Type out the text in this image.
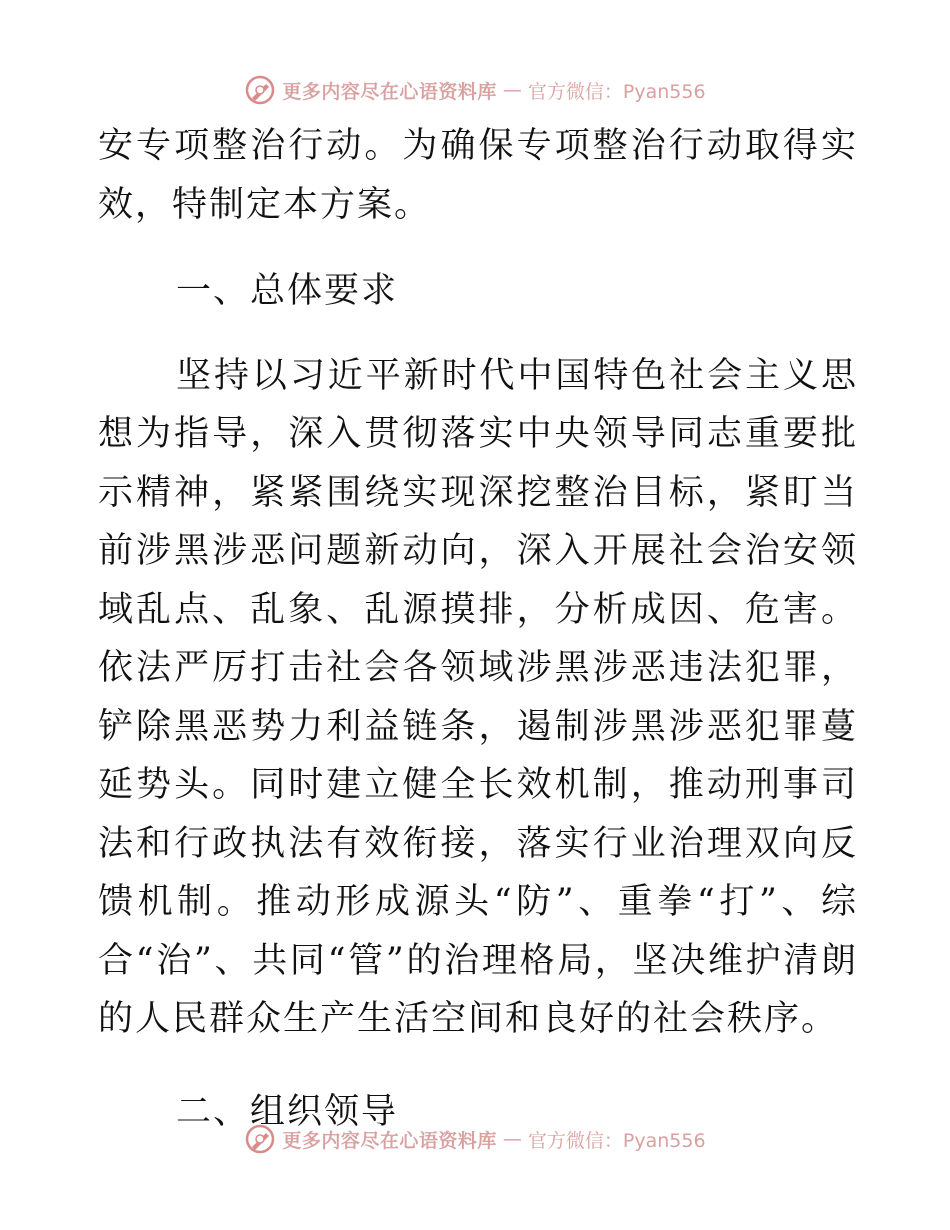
更多内容尽在心语资料库 — 官方微信：Pyan556

安专项整治行动。为确保专项整治行动取得实效，特制定本方案。

一、总体要求

坚持以习近平新时代中国特色社会主义思想为指导，深入贯彻落实中央领导同志重要批示精神，紧紧围绕实现深挖整治目标，紧盯当前涉黑涉恶问题新动向，深入开展社会治安领域乱点、乱象、乱源摸排，分析成因、危害。依法严厉打击社会各领域涉黑涉恶违法犯罪，铲除黑恶势力利益链条，遏制涉黑涉恶犯罪蔓延势头。同时建立健全长效机制，推动刑事司法和行政执法有效衔接，落实行业治理双向反馈机制。推动形成源头“防”、重拳“打”、综合“治”、共同“管”的治理格局，坚决维护清朗的人民群众生产生活空间和良好的社会秩序。

二、组织领导
更多内容尽在心语资料库 — 官方微信：Pyan556
